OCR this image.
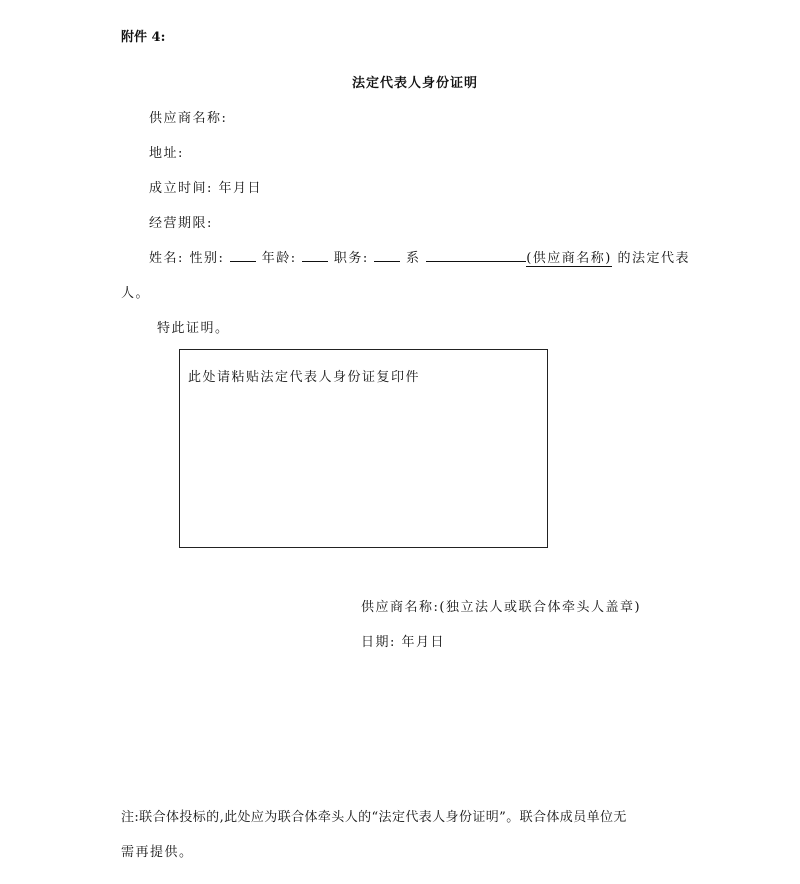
附件 4:
法定代表人身份证明
供应商名称:
地址:
成立时间: 年月日
经营期限:
姓名: 性别:	年龄:	职务:	系	(供应商名称) 的法定代表
人。
特此证明。
此处请粘贴法定代表人身份证复印件
供应商名称:(独立法人或联合体牵头人盖章)
日期: 年月日
注:联合体投标的,此处应为联合体牵头人的“法定代表人身份证明”。联合体成员单位无
需再提供。
